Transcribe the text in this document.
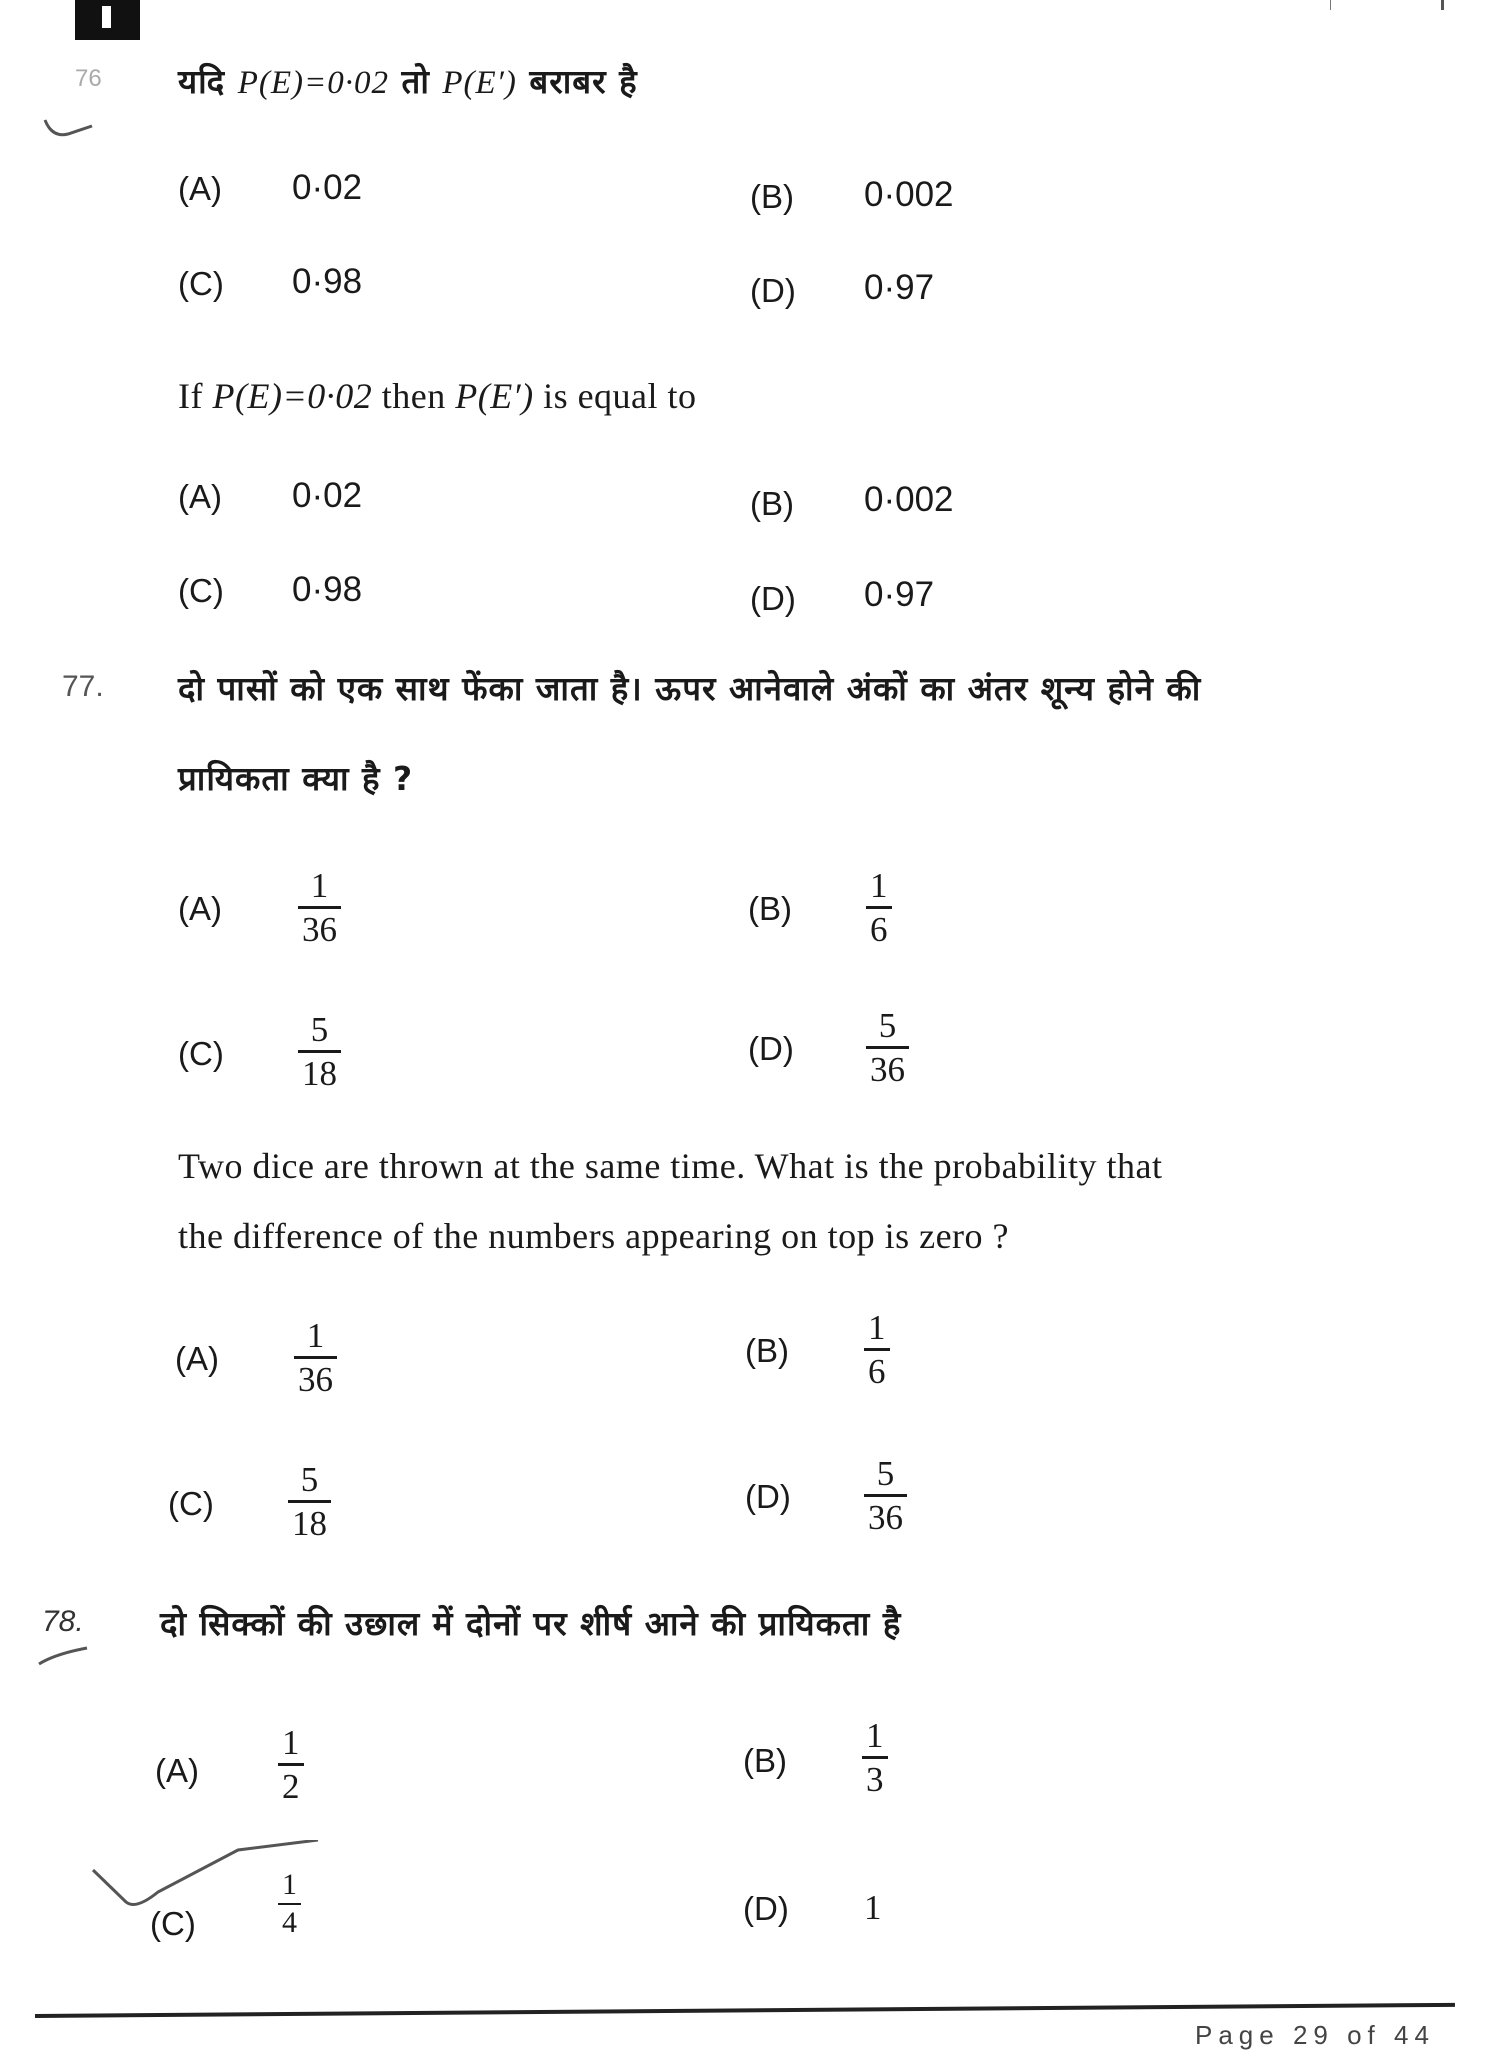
76 यदि P(E)=0·02 तो P(E′) बराबर है
(A) 0·02	(B) 0·002
(C) 0·98	(D) 0·97
If P(E)=0·02 then P(E′) is equal to
(A) 0·02	(B) 0·002
(C) 0·98	(D) 0·97
77. दो पासों को एक साथ फेंका जाता है। ऊपर आनेवाले अंकों का अंतर शून्य होने की
प्रायिकता क्या है ?
$(A) \frac{1}{36}$	$(B) \frac{1}{6}$
$(C) \frac{5}{18}$	$(D) \frac{5}{36}$
Two dice are thrown at the same time. What is the probability that
the difference of the numbers appearing on top is zero ?
$(A) \frac{1}{36}$	$(B) \frac{1}{6}$
$(C) \frac{5}{18}$	$(D) \frac{5}{36}$
78. दो सिक्कों की उछाल में दोनों पर शीर्ष आने की प्रायिकता है
$(A) \frac{1}{2}$	$(B) \frac{1}{3}$
(C)	$\frac{1}{4}$	(D) 1
Page 29 of 44
